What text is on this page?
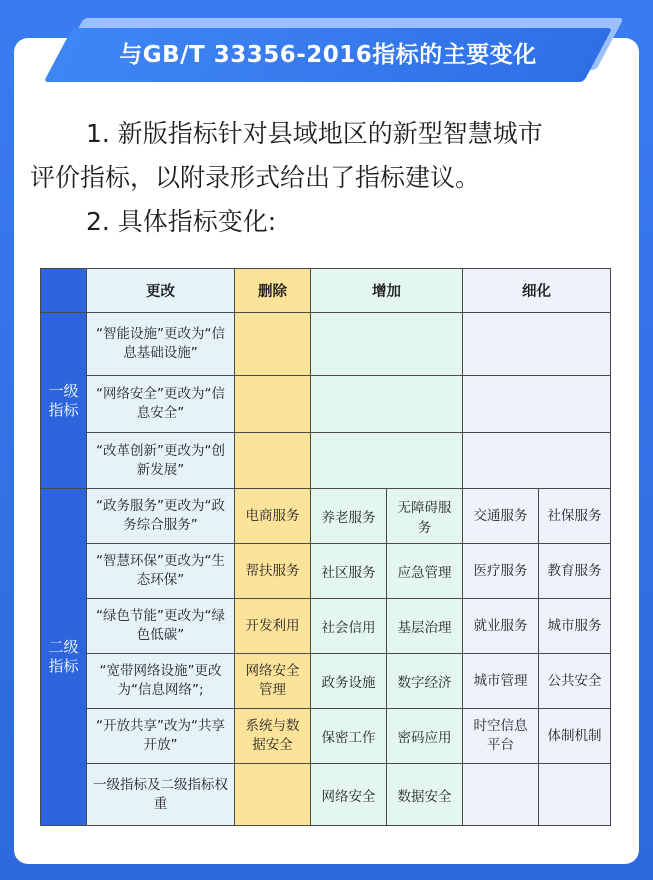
与GB/T 33356-2016指标的主要变化

1. 新版指标针对县域地区的新型智慧城市

评价指标，以附录形式给出了指标建议。

2. 具体指标变化:

	更改	删除	增加		细化	
一级指标	“智能设施”更改为“信息基础设施”					
	“网络安全”更改为“信息安全”					
	“改革创新”更改为“创新发展”					
二级指标	“政务服务”更改为“政务综合服务”	电商服务	养老服务	无障碍服务	交通服务	社保服务
	“智慧环保”更改为“生态环保”	帮扶服务	社区服务	应急管理	医疗服务	教育服务
	“绿色节能”更改为“绿色低碳”	开发利用	社会信用	基层治理	就业服务	城市服务
	“宽带网络设施”更改为“信息网络”;	网络安全管理	政务设施	数字经济	城市管理	公共安全
	“开放共享”改为“共享开放”	系统与数据安全	保密工作	密码应用	时空信息平台	体制机制
	一级指标及二级指标权重		网络安全	数据安全		
